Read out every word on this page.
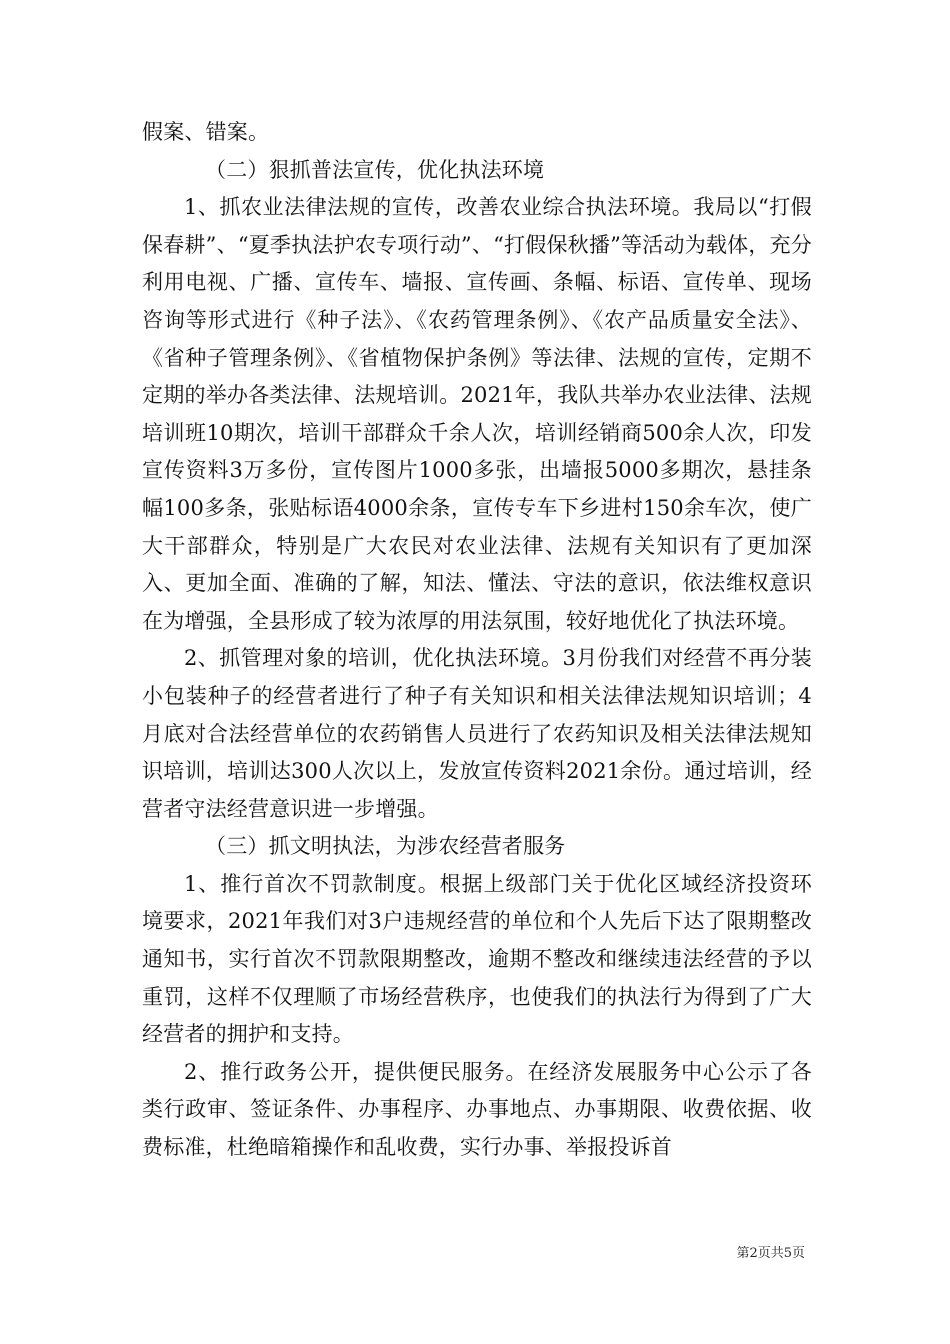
假案、错案。

（二）狠抓普法宣传，优化执法环境

1、抓农业法律法规的宣传，改善农业综合执法环境。我局以“打假保春耕”、“夏季执法护农专项行动”、“打假保秋播”等活动为载体，充分利用电视、广播、宣传车、墙报、宣传画、条幅、标语、宣传单、现场咨询等形式进行《种子法》、《农药管理条例》、《农产品质量安全法》、《省种子管理条例》、《省植物保护条例》等法律、法规的宣传，定期不定期的举办各类法律、法规培训。2021年，我队共举办农业法律、法规培训班10期次，培训干部群众千余人次，培训经销商500余人次，印发宣传资料3万多份，宣传图片1000多张，出墙报5000多期次，悬挂条幅100多条，张贴标语4000余条，宣传专车下乡进村150余车次，使广大干部群众，特别是广大农民对农业法律、法规有关知识有了更加深入、更加全面、准确的了解，知法、懂法、守法的意识，依法维权意识在为增强，全县形成了较为浓厚的用法氛围，较好地优化了执法环境。

2、抓管理对象的培训，优化执法环境。3月份我们对经营不再分装小包装种子的经营者进行了种子有关知识和相关法律法规知识培训；4月底对合法经营单位的农药销售人员进行了农药知识及相关法律法规知识培训，培训达300人次以上，发放宣传资料2021余份。通过培训，经营者守法经营意识进一步增强。

（三）抓文明执法，为涉农经营者服务

1、推行首次不罚款制度。根据上级部门关于优化区域经济投资环境要求，2021年我们对3户违规经营的单位和个人先后下达了限期整改通知书，实行首次不罚款限期整改，逾期不整改和继续违法经营的予以重罚，这样不仅理顺了市场经营秩序，也使我们的执法行为得到了广大经营者的拥护和支持。

2、推行政务公开，提供便民服务。在经济发展服务中心公示了各类行政审、签证条件、办事程序、办事地点、办事期限、收费依据、收费标准，杜绝暗箱操作和乱收费，实行办事、举报投诉首

第2页共5页
